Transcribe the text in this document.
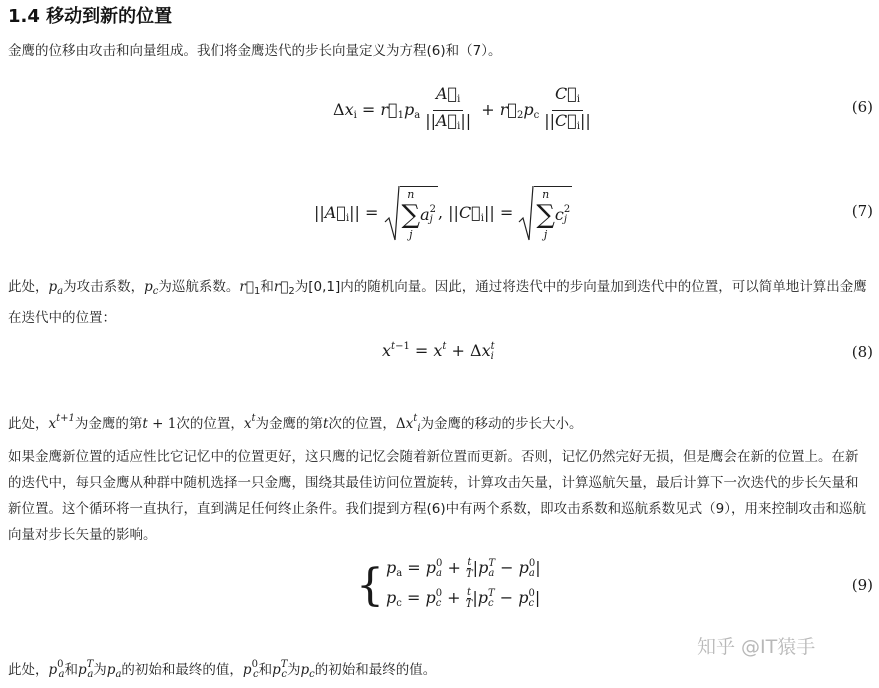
1.4 移动到新的位置
金鹰的位移由攻击和向量组成。我们将金鹰迭代的步长向量定义为方程(6)和（7）。
$\Delta x_i$ = $r⃗_1p_a \frac{A⃗_i}{||A⃗_i||}$ + $r⃗_2p_c \frac{C⃗_i}{||C⃗_i||}$	(6)
$||A⃗_i||$ =
n
∑
j
a 2
j , $||C⃗_i||$ =
n
∑
j
c 2
j	(7)
此处，$p_a$为攻击系数，$p_c$为巡航系数。$r⃗_1$和$r⃗_2$为[0,1]内的随机向量。因此，通过将迭代中的步向量加到迭代中的位置，可以简单地计算出金鹰在迭代中的位置：
$x^{t-1} = x^t + \Delta x$ t
i	(8)
此处，$x^{t+1}$为金鹰的第t + 1次的位置，$x^t$为金鹰的第t次的位置，$\Delta x^t_i$为金鹰的移动的步长大小。
如果金鹰新位置的适应性比它记忆中的位置更好，这只鹰的记忆会随着新位置而更新。否则，记忆仍然完好无损，但是鹰会在新的位置上。在新的迭代中，每只金鹰从种群中随机选择一只金鹰，围绕其最佳访问位置旋转，计算攻击矢量，计算巡航矢量，最后计算下一次迭代的步长矢量和新位置。这个循环将一直执行，直到满足任何终止条件。我们提到方程(6)中有两个系数，即攻击系数和巡航系数见式（9），用来控制攻击和巡航向量对步长矢量的影响。
{ $p_a = p$ 0
$a + \frac{t}{T} |p$ T
a − p 0
a |
$p_c = p$ 0
$c + \frac{t}{T} |p$ T
c − p 0
c |
(9)
知乎 @IT猿手
此处，$p^0_a$和$p^T_a$为$p_a$的初始和最终的值，$p^0_c$和$p^T_c$为$p_c$的初始和最终的值。
